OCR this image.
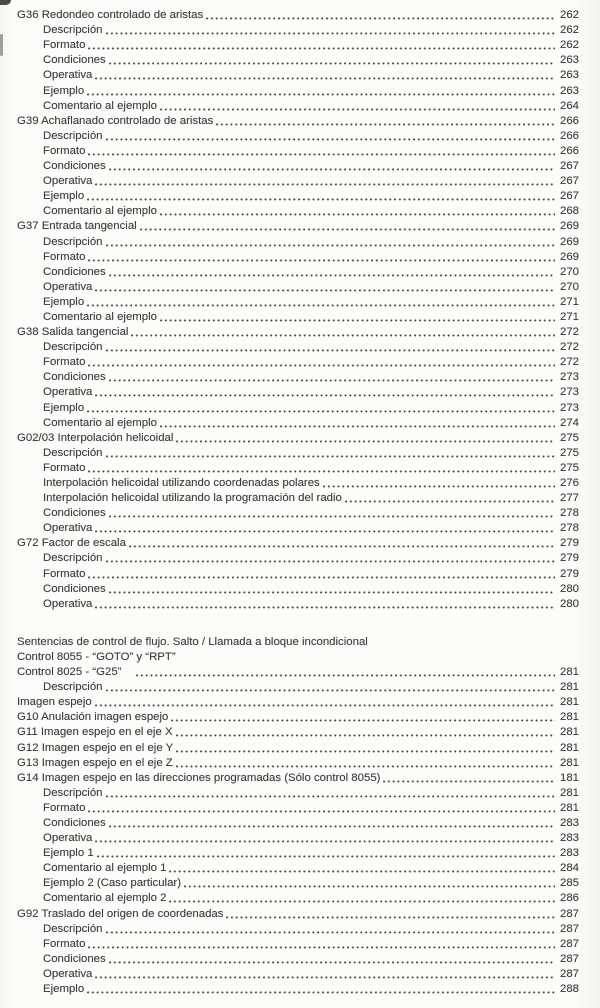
G36 Redondeo controlado de aristas	262
Descripción	262
Formato	262
Condiciones	263
Operativa	263
Ejemplo	263
Comentario al ejemplo	264
G39 Achaflanado controlado de aristas	266
Descripción	266
Formato	266
Condiciones	267
Operativa	267
Ejemplo	267
Comentario al ejemplo	268
G37 Entrada tangencial	269
Descripción	269
Formato	269
Condiciones	270
Operativa	270
Ejemplo	271
Comentario al ejemplo	271
G38 Salida tangencial	272
Descripción	272
Formato	272
Condiciones	273
Operativa	273
Ejemplo	273
Comentario al ejemplo	274
G02/03 Interpolación helicoidal	275
Descripción	275
Formato	275
Interpolación helicoidal utilizando coordenadas polares	276
Interpolación helicoidal utilizando la programación del radio	277
Condiciones	278
Operativa	278
G72 Factor de escala	279
Descripción	279
Formato	279
Condiciones	280
Operativa	280
Sentencias de control de flujo. Salto / Llamada a bloque incondicional
Control 8055 - “GOTO” y “RPT”
Control 8025 - “G25”	281
Descripción	281
Imagen espejo	281
G10 Anulación imagen espejo	281
G11 Imagen espejo en el eje X	281
G12 Imagen espejo en el eje Y	281
G13 Imagen espejo en el eje Z	281
G14 Imagen espejo en las direcciones programadas (Sólo control 8055)	181
Descripción	281
Formato	281
Condiciones	283
Operativa	283
Ejemplo 1	283
Comentario al ejemplo 1	284
Ejemplo 2 (Caso particular)	285
Comentario al ejemplo 2	286
G92 Traslado del origen de coordenadas	287
Descripción	287
Formato	287
Condiciones	287
Operativa	287
Ejemplo	288
